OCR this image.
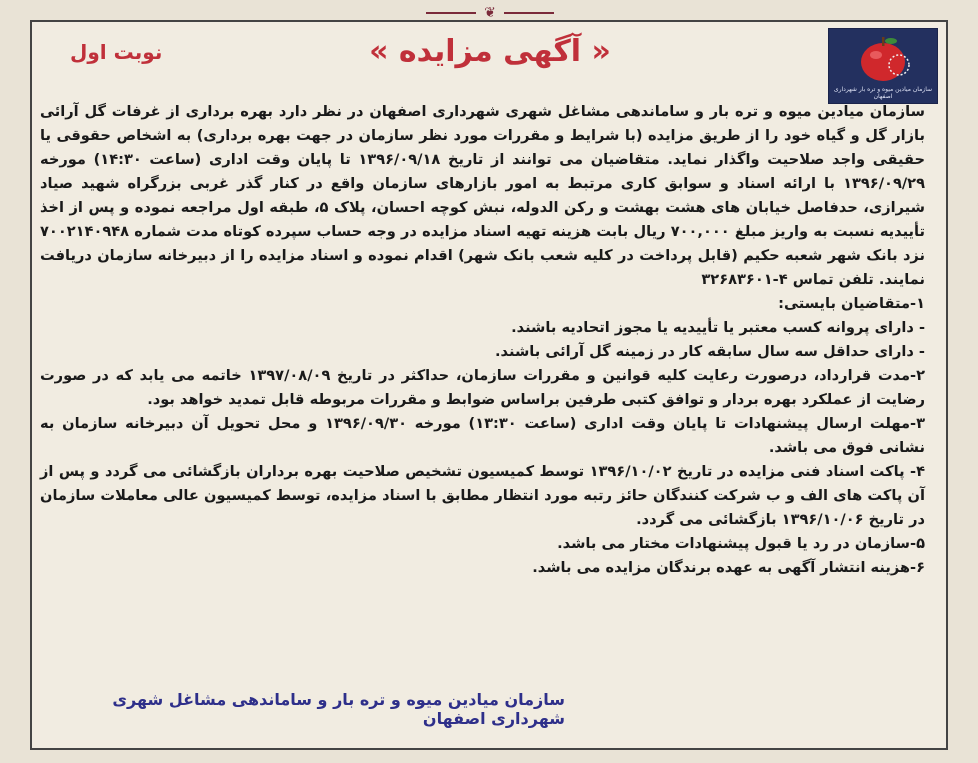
❦
سازمان میادین میوه و تره بار شهرداری اصفهان
« آگهی مزایده »
نوبت اول

سازمان میادین میوه و تره بار و ساماندهی مشاغل شهری شهرداری اصفهان در نظر دارد بهره برداری از غرفات گل آرائی بازار گل و گیاه خود را از طریق مزایده (با شرایط و مقررات مورد نظر سازمان در جهت بهره برداری) به اشخاص حقوقی یا حقیقی واجد صلاحیت واگذار نماید. متقاضیان می توانند از تاریخ ۱۳۹۶/۰۹/۱۸ تا پایان وقت اداری (ساعت ۱۴:۳۰) مورخه ۱۳۹۶/۰۹/۲۹ با ارائه اسناد و سوابق کاری مرتبط به امور بازارهای سازمان واقع در کنار گذر غربی بزرگراه شهید صیاد شیرازی، حدفاصل خیابان های هشت بهشت و رکن الدوله، نبش کوچه احسان، پلاک ۵، طبقه اول مراجعه نموده و پس از اخذ تأییدیه نسبت به واریز مبلغ ۷۰۰,۰۰۰ ریال بابت هزینه تهیه اسناد مزایده در وجه حساب سپرده کوتاه مدت شماره ۷۰۰۲۱۴۰۹۴۸ نزد بانک شهر شعبه حکیم (قابل پرداخت در کلیه شعب بانک شهر) اقدام نموده و اسناد مزایده را از دبیرخانه سازمان دریافت نمایند. تلفن تماس ۴-۳۲۶۸۳۶۰۱

۱-متقاضیان بایستی:

- دارای پروانه کسب معتبر یا تأییدیه یا مجوز اتحادیه باشند.

- دارای حداقل سه سال سابقه کار در زمینه گل آرائی باشند.

۲-مدت قرارداد، درصورت رعایت کلیه قوانین و مقررات سازمان، حداکثر در تاریخ ۱۳۹۷/۰۸/۰۹ خاتمه می یابد که در صورت رضایت از عملکرد بهره بردار و توافق کتبی طرفین براساس ضوابط و مقررات مربوطه قابل تمدید خواهد بود.

۳-مهلت ارسال پیشنهادات تا پایان وقت اداری (ساعت ۱۳:۳۰) مورخه ۱۳۹۶/۰۹/۳۰ و محل تحویل آن دبیرخانه سازمان به نشانی فوق می باشد.

۴- پاکت اسناد فنی مزایده در تاریخ ۱۳۹۶/۱۰/۰۲ توسط کمیسیون تشخیص صلاحیت بهره برداران بازگشائی می گردد و پس از آن پاکت های الف و ب شرکت کنندگان حائز رتبه مورد انتظار مطابق با اسناد مزایده، توسط کمیسیون عالی معاملات سازمان در تاریخ ۱۳۹۶/۱۰/۰۶ بازگشائی می گردد.

۵-سازمان در رد یا قبول پیشنهادات مختار می باشد.

۶-هزینه انتشار آگهی به عهده برندگان مزایده می باشد.

سازمان میادین میوه و تره بار و ساماندهی مشاغل شهری شهرداری اصفهان
